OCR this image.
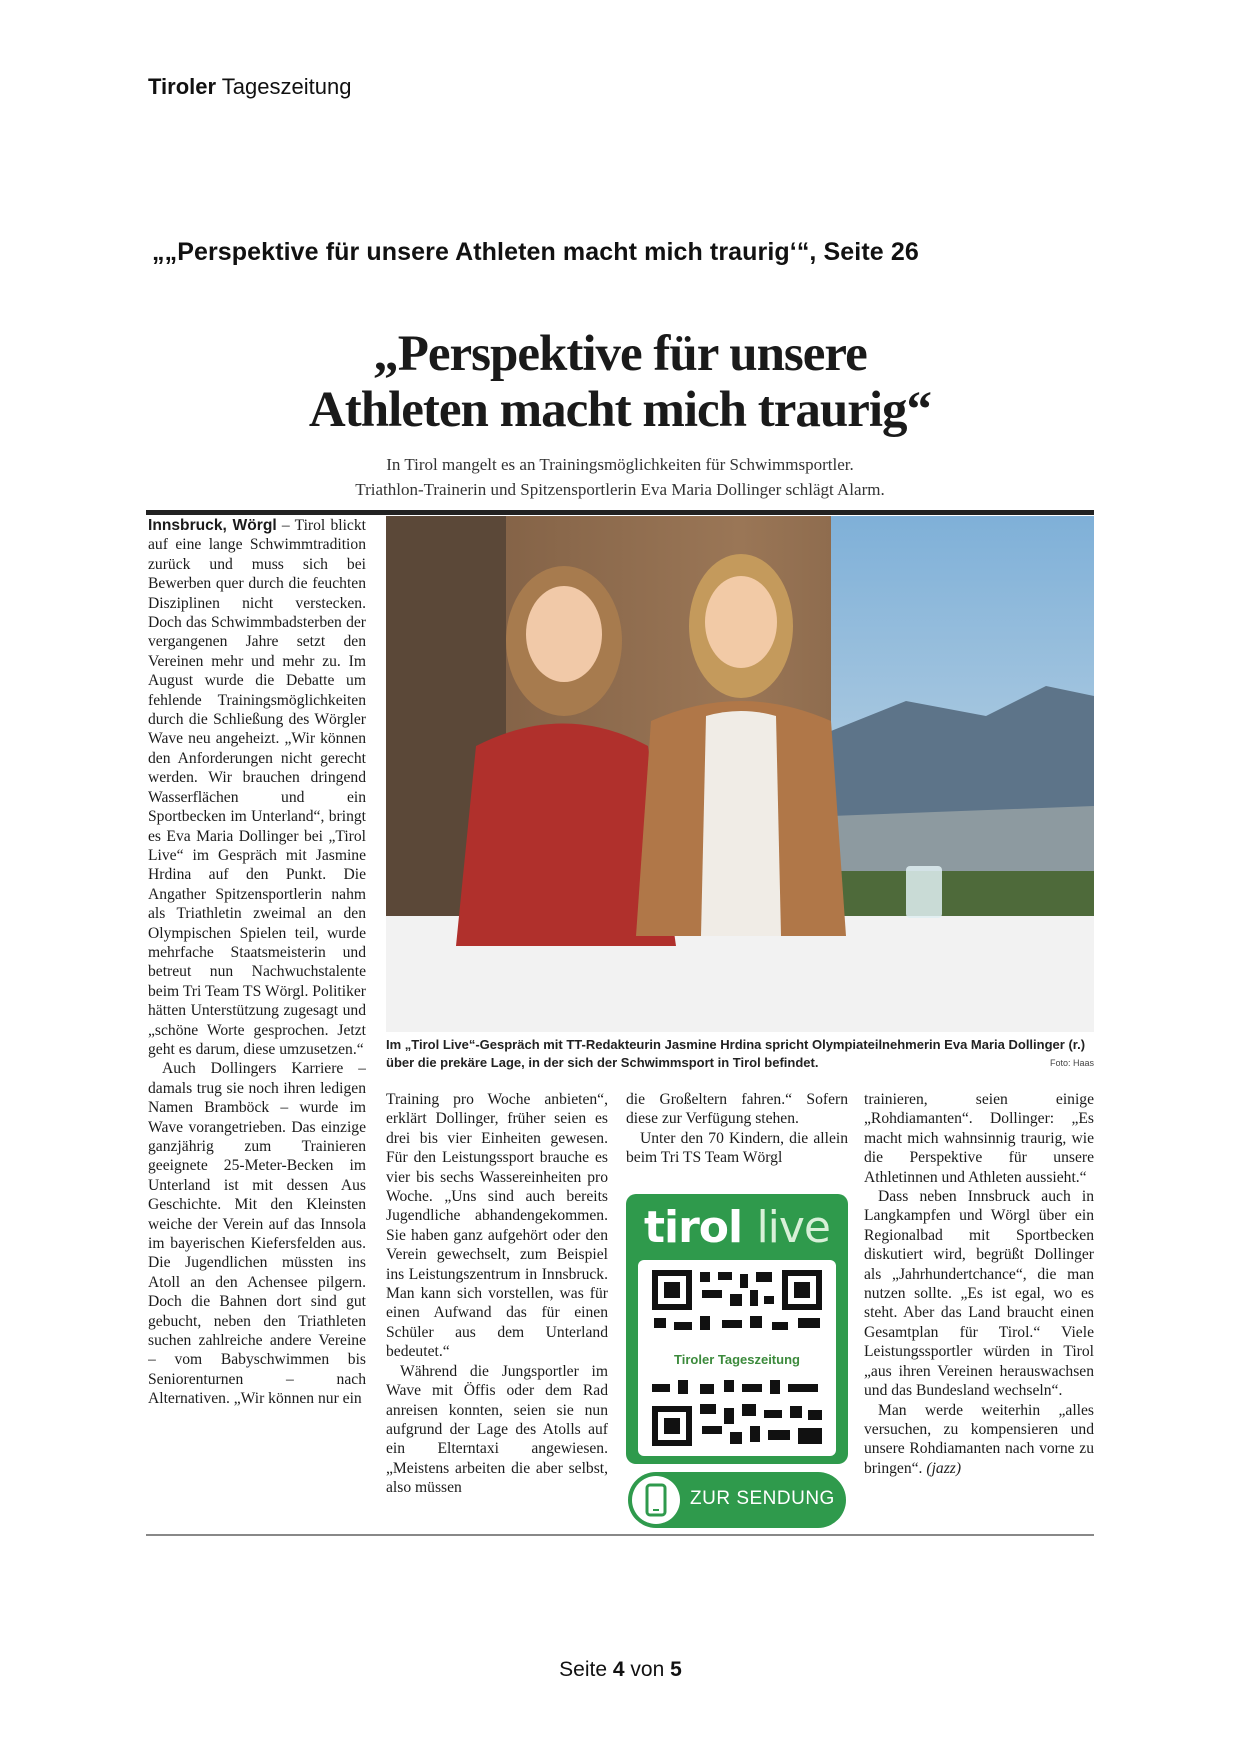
Tiroler Tageszeitung
„„Perspektive für unsere Athleten macht mich traurig‘“, Seite 26
„Perspektive für unsere
Athleten macht mich traurig“
In Tirol mangelt es an Trainingsmöglichkeiten für Schwimmsportler.
Triathlon-Trainerin und Spitzensportlerin Eva Maria Dollinger schlägt Alarm.

Innsbruck, Wörgl – Tirol blickt auf eine lange Schwimmtradition zurück und muss sich bei Bewerben quer durch die feuchten Disziplinen nicht verstecken. Doch das Schwimmbadsterben der vergangenen Jahre setzt den Vereinen mehr und mehr zu. Im August wurde die Debatte um fehlende Trainingsmöglichkeiten durch die Schließung des Wörgler Wave neu angeheizt. „Wir können den Anforderungen nicht gerecht werden. Wir brauchen dringend Wasserflächen und ein Sportbecken im Unterland“, bringt es Eva Maria Dollinger bei „Tirol Live“ im Gespräch mit Jasmine Hrdina auf den Punkt. Die Angather Spitzensportlerin nahm als Triathletin zweimal an den Olympischen Spielen teil, wurde mehrfache Staatsmeisterin und betreut nun Nachwuchstalente beim Tri Team TS Wörgl. Politiker hätten Unterstützung zugesagt und „schöne Worte gesprochen. Jetzt geht es darum, diese umzusetzen.“

Auch Dollingers Karriere – damals trug sie noch ihren ledigen Namen Bramböck – wurde im Wave vorangetrieben. Das einzige ganzjährig zum Trainieren geeignete 25-Meter-Becken im Unterland ist mit dessen Aus Geschichte. Mit den Kleinsten weiche der Verein auf das Innsola im bayerischen Kiefersfelden aus. Die Jugendlichen müssten ins Atoll an den Achensee pilgern. Doch die Bahnen dort sind gut gebucht, neben den Triathleten suchen zahlreiche andere Vereine – vom Babyschwimmen bis Seniorenturnen – nach Alternativen. „Wir können nur ein

Im „Tirol Live“-Gespräch mit TT-Redakteurin Jasmine Hrdina spricht Olympiateilnehmerin Eva Maria Dollinger (r.) über die prekäre Lage, in der sich der Schwimmsport in Tirol befindet.	Foto: Haas

Training pro Woche anbieten“, erklärt Dollinger, früher seien es drei bis vier Einheiten gewesen. Für den Leistungssport brauche es vier bis sechs Wassereinheiten pro Woche. „Uns sind auch bereits Jugendliche abhandengekommen. Sie haben ganz aufgehört oder den Verein gewechselt, zum Beispiel ins Leistungszentrum in Innsbruck. Man kann sich vorstellen, was für einen Aufwand das für einen Schüler aus dem Unterland bedeutet.“

Während die Jungsportler im Wave mit Öffis oder dem Rad anreisen konnten, seien sie nun aufgrund der Lage des Atolls auf ein Elterntaxi angewiesen. „Meistens arbeiten die aber selbst, also müssen

die Großeltern fahren.“ Sofern diese zur Verfügung stehen.

Unter den 70 Kindern, die allein beim Tri TS Team Wörgl

tirol live
Tiroler Tageszeitung
ZUR SENDUNG

trainieren, seien einige „Rohdiamanten“. Dollinger: „Es macht mich wahnsinnig traurig, wie die Perspektive für unsere Athletinnen und Athleten aussieht.“

Dass neben Innsbruck auch in Langkampfen und Wörgl über ein Regionalbad mit Sportbecken diskutiert wird, begrüßt Dollinger als „Jahrhundertchance“, die man nutzen sollte. „Es ist egal, wo es steht. Aber das Land braucht einen Gesamtplan für Tirol.“ Viele Leistungssportler würden in Tirol „aus ihren Vereinen herauswachsen und das Bundesland wechseln“.

Man werde weiterhin „alles versuchen, zu kompensieren und unsere Rohdiamanten nach vorne zu bringen“. (jazz)

Seite 4 von 5
